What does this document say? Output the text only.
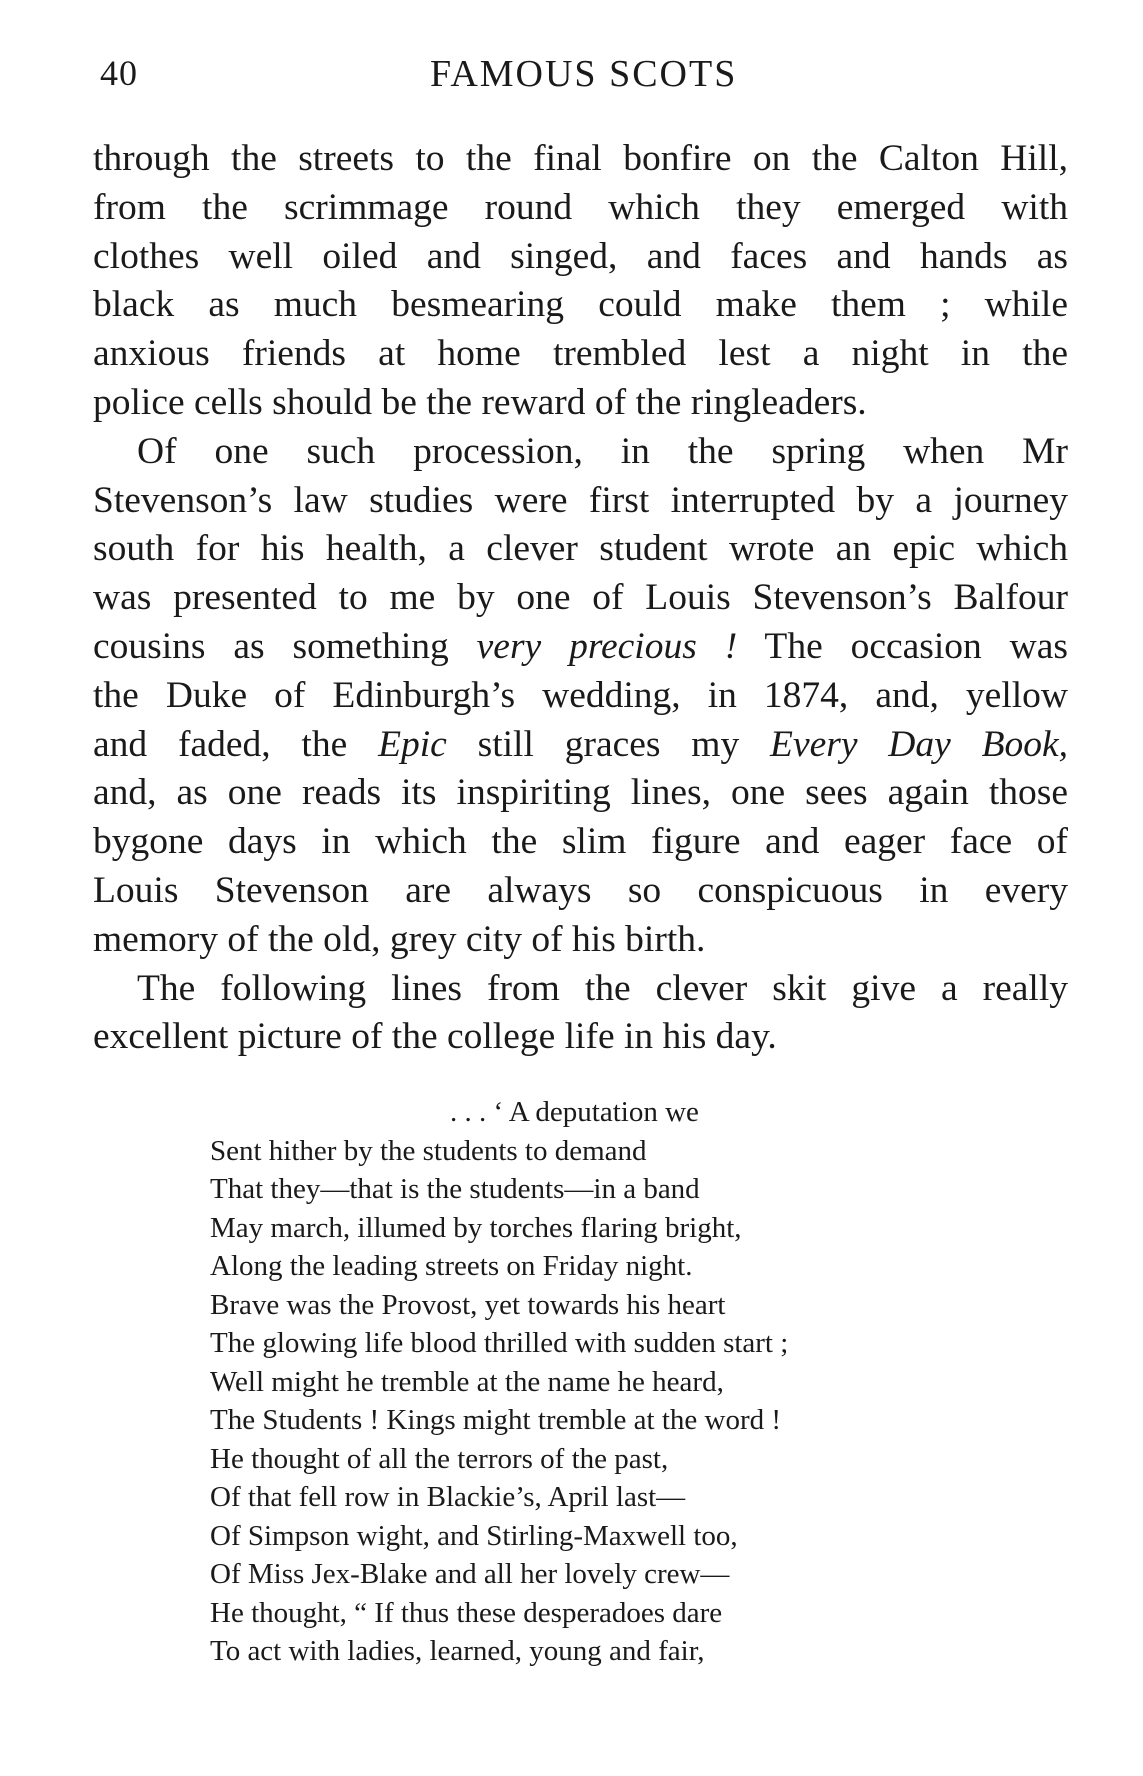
40	FAMOUS SCOTS
through the streets to the final bonfire on the Calton Hill,
from the scrimmage round which they emerged with
clothes well oiled and singed, and faces and hands as
black as much besmearing could make them ; while
anxious friends at home trembled lest a night in the
police cells should be the reward of the ringleaders.
Of one such procession, in the spring when Mr
Stevenson’s law studies were first interrupted by a journey
south for his health, a clever student wrote an epic which
was presented to me by one of Louis Stevenson’s Balfour
cousins as something very precious ! The occasion was
the Duke of Edinburgh’s wedding, in 1874, and, yellow
and faded, the Epic still graces my Every Day Book,
and, as one reads its inspiriting lines, one sees again those
bygone days in which the slim figure and eager face of
Louis Stevenson are always so conspicuous in every
memory of the old, grey city of his birth.
The following lines from the clever skit give a really
excellent picture of the college life in his day.
. . . ‘ A deputation we
Sent hither by the students to demand
That they—that is the students—in a band
May march, illumed by torches flaring bright,
Along the leading streets on Friday night.
Brave was the Provost, yet towards his heart
The glowing life blood thrilled with sudden start ;
Well might he tremble at the name he heard,
The Students ! Kings might tremble at the word !
He thought of all the terrors of the past,
Of that fell row in Blackie’s, April last—
Of Simpson wight, and Stirling-Maxwell too,
Of Miss Jex-Blake and all her lovely crew—
He thought, “ If thus these desperadoes dare
To act with ladies, learned, young and fair,
